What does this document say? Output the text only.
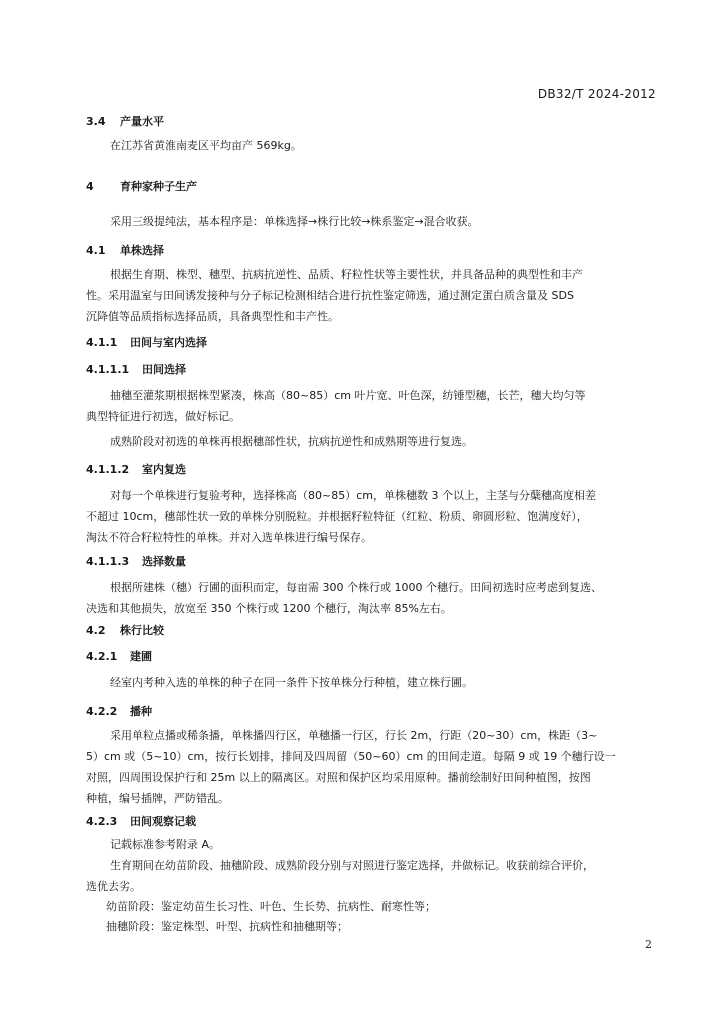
DB32/T 2024-2012
3.4 产量水平
在江苏省黄淮南麦区平均亩产 569kg。
4 育种家种子生产
采用三级提纯法，基本程序是：单株选择→株行比较→株系鉴定→混合收获。
4.1 单株选择
根据生育期、株型、穗型、抗病抗逆性、品质、籽粒性状等主要性状，并具备品种的典型性和丰产
性。采用温室与田间诱发接种与分子标记检测相结合进行抗性鉴定筛选，通过测定蛋白质含量及 SDS
沉降值等品质指标选择品质，具备典型性和丰产性。
4.1.1 田间与室内选择
4.1.1.1 田间选择
抽穗至灌浆期根据株型紧凑，株高（80~85）cm 叶片宽、叶色深，纺锤型穗，长芒，穗大均匀等
典型特征进行初选，做好标记。
成熟阶段对初选的单株再根据穗部性状，抗病抗逆性和成熟期等进行复选。
4.1.1.2 室内复选
对每一个单株进行复验考种，选择株高（80~85）cm，单株穗数 3 个以上，主茎与分蘖穗高度相差
不超过 10cm，穗部性状一致的单株分别脱粒。并根据籽粒特征（红粒、粉质、卵圆形粒、饱满度好），
淘汰不符合籽粒特性的单株。并对入选单株进行编号保存。
4.1.1.3 选择数量
根据所建株（穗）行圃的面积而定，每亩需 300 个株行或 1000 个穗行。田间初选时应考虑到复选、
决选和其他损失，放宽至 350 个株行或 1200 个穗行，淘汰率 85%左右。
4.2 株行比较
4.2.1 建圃
经室内考种入选的单株的种子在同一条件下按单株分行种植，建立株行圃。
4.2.2 播种
采用单粒点播或稀条播，单株播四行区，单穗播一行区，行长 2m，行距（20~30）cm，株距（3~
5）cm 或（5~10）cm，按行长划排，排间及四周留（50~60）cm 的田间走道。每隔 9 或 19 个穗行设一
对照，四周围设保护行和 25m 以上的隔离区。对照和保护区均采用原种。播前绘制好田间种植图，按图
种植，编号插牌，严防错乱。
4.2.3 田间观察记载
记载标准参考附录 A。
生育期间在幼苗阶段、抽穗阶段、成熟阶段分别与对照进行鉴定选择，并做标记。收获前综合评价，
选优去劣。
幼苗阶段：鉴定幼苗生长习性、叶色、生长势、抗病性、耐寒性等；
抽穗阶段：鉴定株型、叶型、抗病性和抽穗期等；
2
